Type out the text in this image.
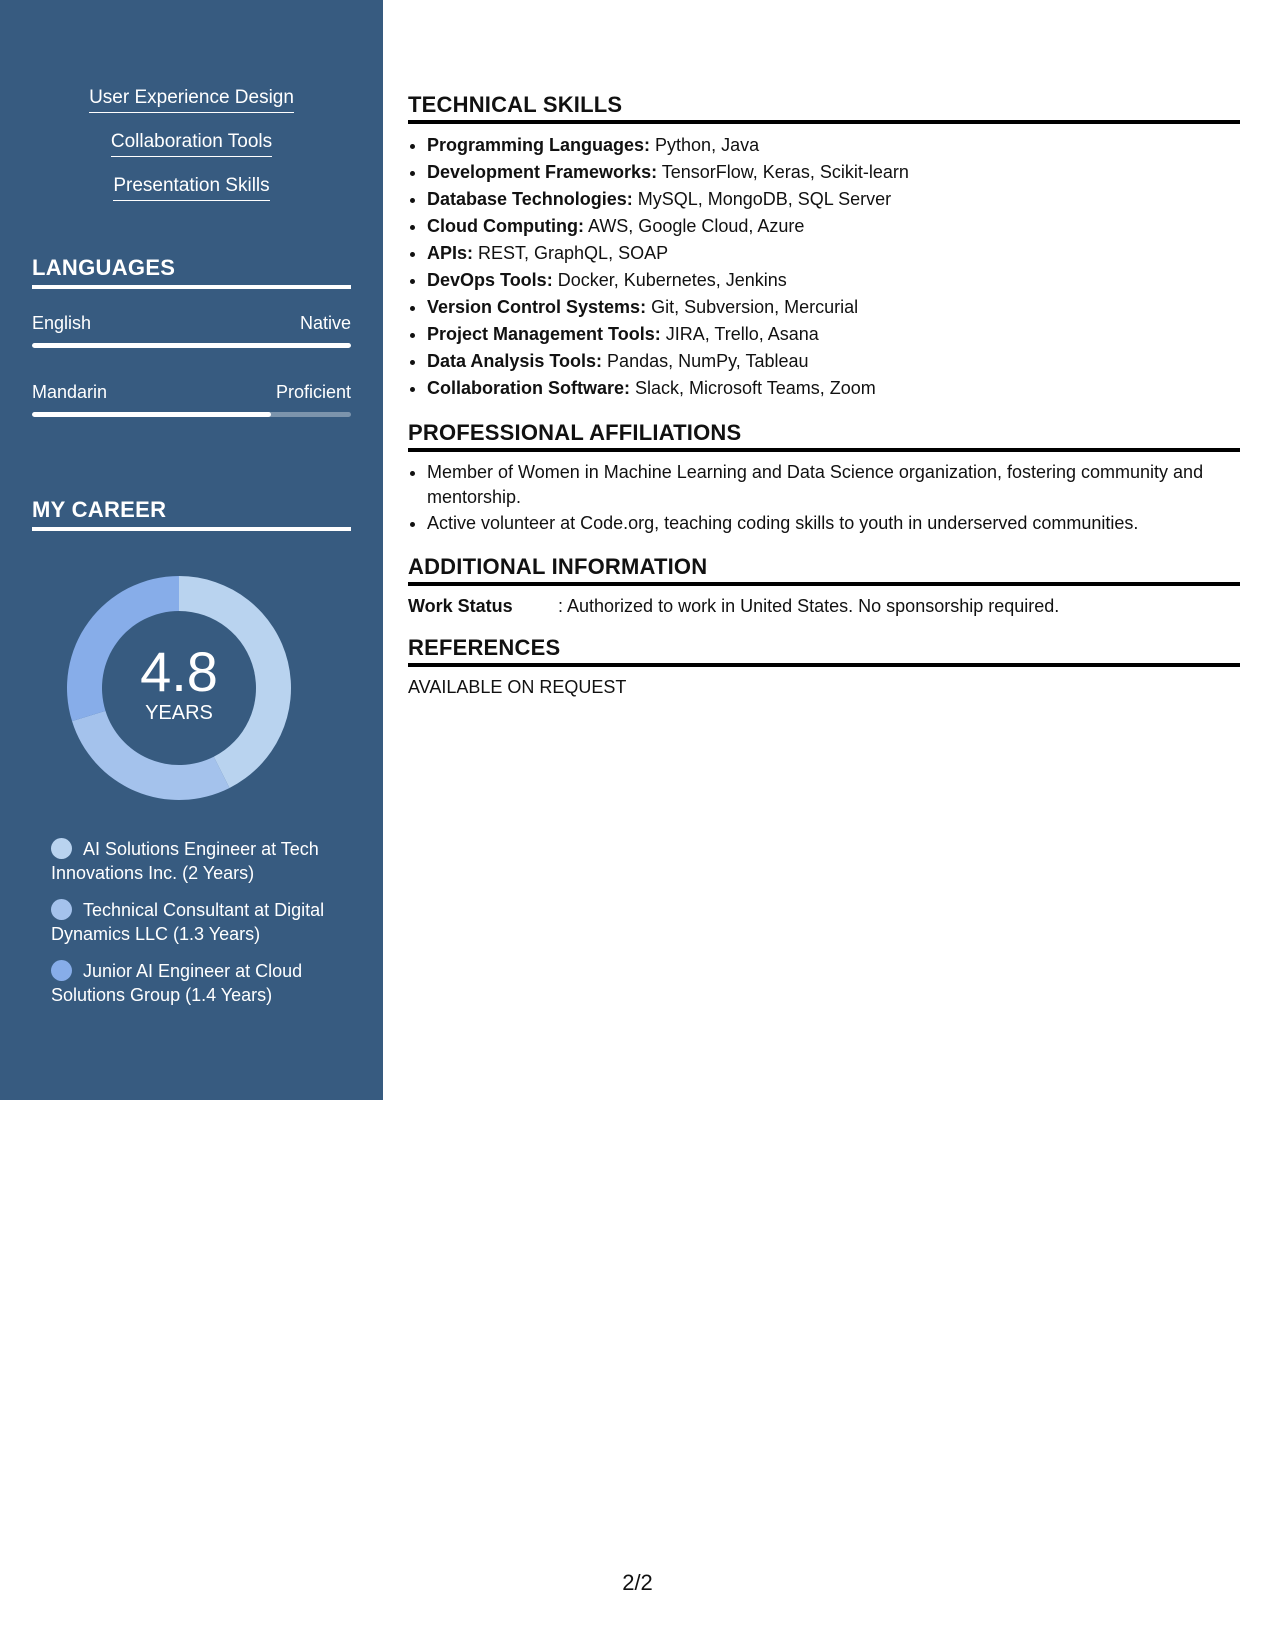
User Experience Design
Collaboration Tools
Presentation Skills
LANGUAGES
English	Native
Mandarin	Proficient
MY CAREER
4.8
YEARS
AI Solutions Engineer at Tech Innovations Inc. (2 Years)
Technical Consultant at Digital Dynamics LLC (1.3 Years)
Junior AI Engineer at Cloud Solutions Group (1.4 Years)
TECHNICAL SKILLS
• Programming Languages: Python, Java
• Development Frameworks: TensorFlow, Keras, Scikit-learn
• Database Technologies: MySQL, MongoDB, SQL Server
• Cloud Computing: AWS, Google Cloud, Azure
• APIs: REST, GraphQL, SOAP
• DevOps Tools: Docker, Kubernetes, Jenkins
• Version Control Systems: Git, Subversion, Mercurial
• Project Management Tools: JIRA, Trello, Asana
• Data Analysis Tools: Pandas, NumPy, Tableau
• Collaboration Software: Slack, Microsoft Teams, Zoom
PROFESSIONAL AFFILIATIONS
• Member of Women in Machine Learning and Data Science organization, fostering community and mentorship.
• Active volunteer at Code.org, teaching coding skills to youth in underserved communities.
ADDITIONAL INFORMATION
Work Status	: Authorized to work in United States. No sponsorship required.
REFERENCES
AVAILABLE ON REQUEST
2/2
